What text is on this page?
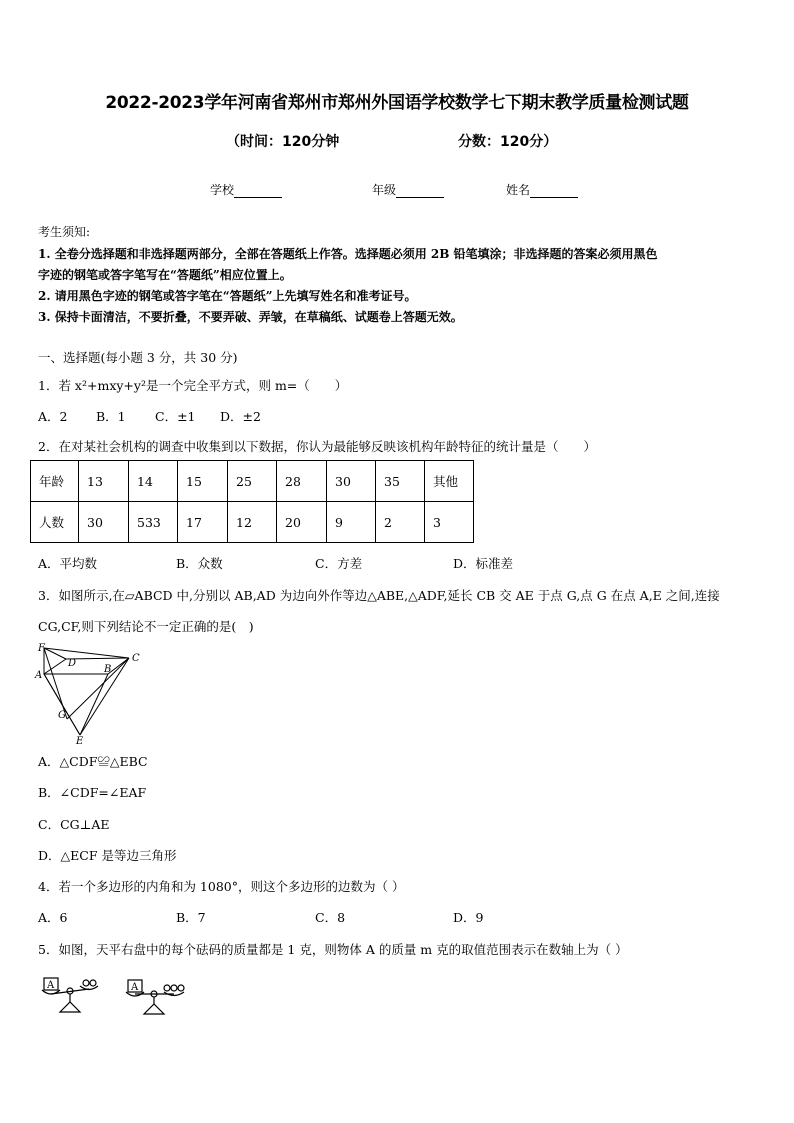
2022-2023学年河南省郑州市郑州外国语学校数学七下期末教学质量检测试题
（时间：120分钟	分数：120分）
学校	年级	姓名
考生须知:
1. 全卷分选择题和非选择题两部分，全部在答题纸上作答。选择题必须用 2B 铅笔填涂；非选择题的答案必须用黑色
字迹的钢笔或答字笔写在“答题纸”相应位置上。
2. 请用黑色字迹的钢笔或答字笔在“答题纸”上先填写姓名和准考证号。
3. 保持卡面清洁，不要折叠，不要弄破、弄皱，在草稿纸、试题卷上答题无效。
一、选择题(每小题 3 分，共 30 分)
1．若 x²+mxy+y²是一个完全平方式，则 m=（　　）
A．2 B．1 C．±1 D．±2
2．在对某社会机构的调查中收集到以下数据，你认为最能够反映该机构年龄特征的统计量是（　　）
年龄	13	14	15	25	28	30	35	其他
人数	30	533	17	12	20	9	2	3
A．平均数	B．众数	C．方差	D．标准差
3．如图所示,在▱ABCD 中,分别以 AB,AD 为边向外作等边△ABE,△ADF,延长 CB 交 AE 于点 G,点 G 在点 A,E 之间,连接
CG,CF,则下列结论不一定正确的是(　)
F
D	C
A
B
G
E
A．△CDF≌△EBC
B．∠CDF=∠EAF
C．CG⊥AE
D．△ECF 是等边三角形
4．若一个多边形的内角和为 1080°，则这个多边形的边数为（ ）
A．6	B．7	C．8	D．9
5．如图，天平右盘中的每个砝码的质量都是 1 克，则物体 A 的质量 m 克的取值范围表示在数轴上为（ ）
A	A
